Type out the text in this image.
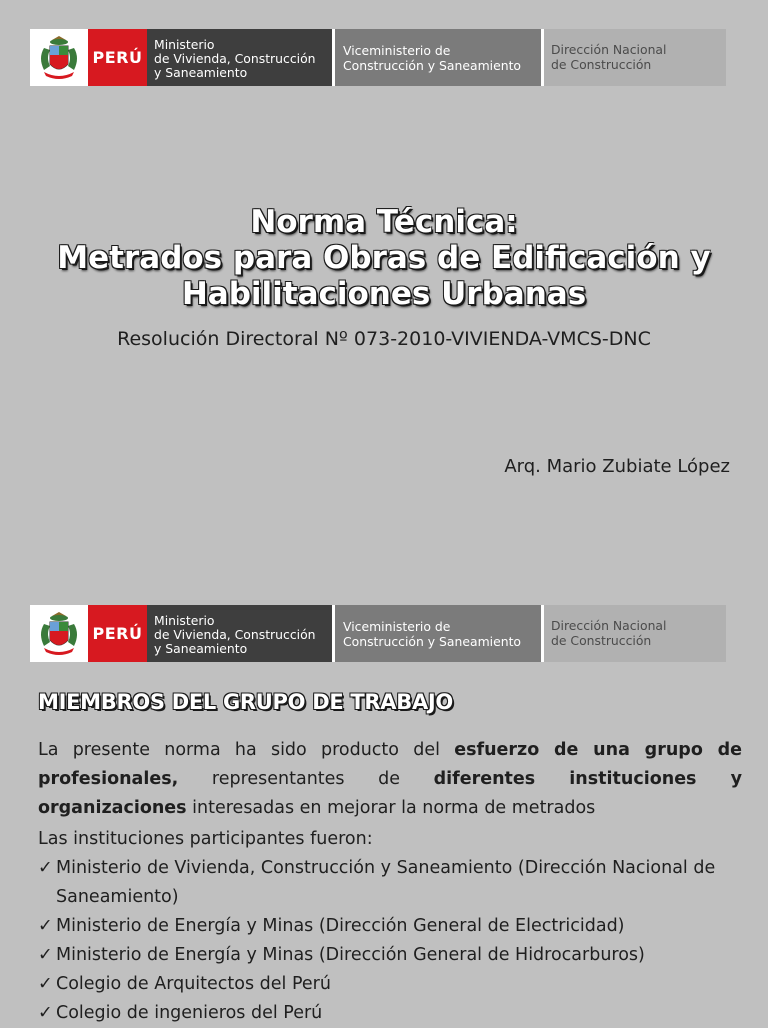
PERÚ
Ministerio
de Vivienda, Construcción
y Saneamiento
Viceministerio de
Construcción y Saneamiento
Dirección Nacional
de Construcción
Norma Técnica:
Metrados para Obras de Edificación y
Habilitaciones Urbanas
Resolución Directoral Nº 073-2010-VIVIENDA-VMCS-DNC
Arq. Mario Zubiate López
PERÚ
Ministerio
de Vivienda, Construcción
y Saneamiento
Viceministerio de
Construcción y Saneamiento
Dirección Nacional
de Construcción
MIEMBROS DEL GRUPO DE TRABAJO
La presente norma ha sido producto del esfuerzo de una grupo de profesionales, representantes de diferentes instituciones y organizaciones interesadas en mejorar la norma de metrados
Las instituciones participantes fueron:
✓ Ministerio de Vivienda, Construcción y Saneamiento (Dirección Nacional de Saneamiento)
✓ Ministerio de Energía y Minas (Dirección General de Electricidad)
✓ Ministerio de Energía y Minas (Dirección General de Hidrocarburos)
✓ Colegio de Arquitectos del Perú
✓ Colegio de ingenieros del Perú
